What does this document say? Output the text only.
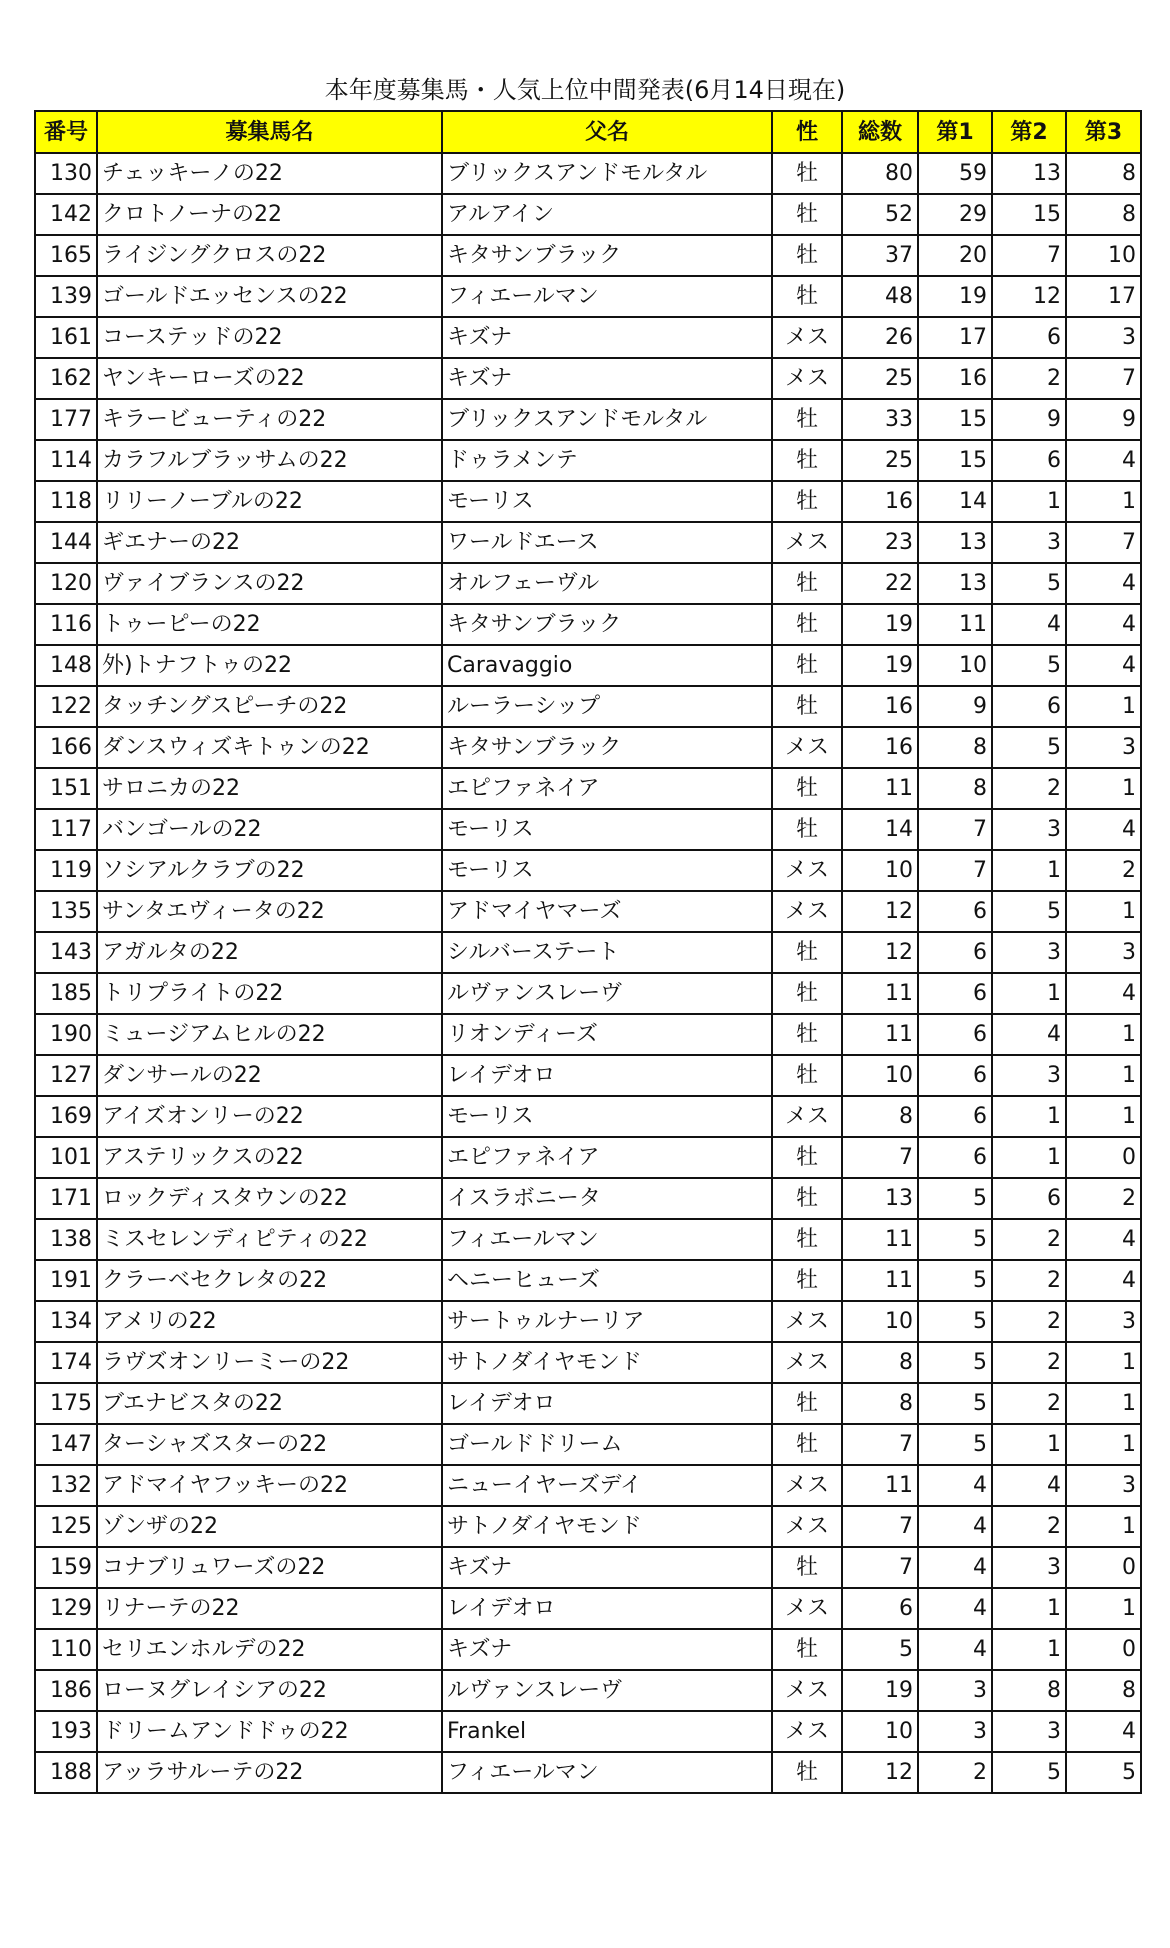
本年度募集馬・人気上位中間発表(6月14日現在)
番号	募集馬名	父名	性	総数	第1	第2	第3
130	チェッキーノの22	ブリックスアンドモルタル	牡	80	59	13	8
142	クロトノーナの22	アルアイン	牡	52	29	15	8
165	ライジングクロスの22	キタサンブラック	牡	37	20	7	10
139	ゴールドエッセンスの22	フィエールマン	牡	48	19	12	17
161	コーステッドの22	キズナ	メス	26	17	6	3
162	ヤンキーローズの22	キズナ	メス	25	16	2	7
177	キラービューティの22	ブリックスアンドモルタル	牡	33	15	9	9
114	カラフルブラッサムの22	ドゥラメンテ	牡	25	15	6	4
118	リリーノーブルの22	モーリス	牡	16	14	1	1
144	ギエナーの22	ワールドエース	メス	23	13	3	7
120	ヴァイブランスの22	オルフェーヴル	牡	22	13	5	4
116	トゥーピーの22	キタサンブラック	牡	19	11	4	4
148	外)トナフトゥの22	Caravaggio	牡	19	10	5	4
122	タッチングスピーチの22	ルーラーシップ	牡	16	9	6	1
166	ダンスウィズキトゥンの22	キタサンブラック	メス	16	8	5	3
151	サロニカの22	エピファネイア	牡	11	8	2	1
117	バンゴールの22	モーリス	牡	14	7	3	4
119	ソシアルクラブの22	モーリス	メス	10	7	1	2
135	サンタエヴィータの22	アドマイヤマーズ	メス	12	6	5	1
143	アガルタの22	シルバーステート	牡	12	6	3	3
185	トリプライトの22	ルヴァンスレーヴ	牡	11	6	1	4
190	ミュージアムヒルの22	リオンディーズ	牡	11	6	4	1
127	ダンサールの22	レイデオロ	牡	10	6	3	1
169	アイズオンリーの22	モーリス	メス	8	6	1	1
101	アステリックスの22	エピファネイア	牡	7	6	1	0
171	ロックディスタウンの22	イスラボニータ	牡	13	5	6	2
138	ミスセレンディピティの22	フィエールマン	牡	11	5	2	4
191	クラーベセクレタの22	ヘニーヒューズ	牡	11	5	2	4
134	アメリの22	サートゥルナーリア	メス	10	5	2	3
174	ラヴズオンリーミーの22	サトノダイヤモンド	メス	8	5	2	1
175	ブエナビスタの22	レイデオロ	牡	8	5	2	1
147	ターシャズスターの22	ゴールドドリーム	牡	7	5	1	1
132	アドマイヤフッキーの22	ニューイヤーズデイ	メス	11	4	4	3
125	ゾンザの22	サトノダイヤモンド	メス	7	4	2	1
159	コナブリュワーズの22	キズナ	牡	7	4	3	0
129	リナーテの22	レイデオロ	メス	6	4	1	1
110	セリエンホルデの22	キズナ	牡	5	4	1	0
186	ローヌグレイシアの22	ルヴァンスレーヴ	メス	19	3	8	8
193	ドリームアンドドゥの22	Frankel	メス	10	3	3	4
188	アッラサルーテの22	フィエールマン	牡	12	2	5	5
